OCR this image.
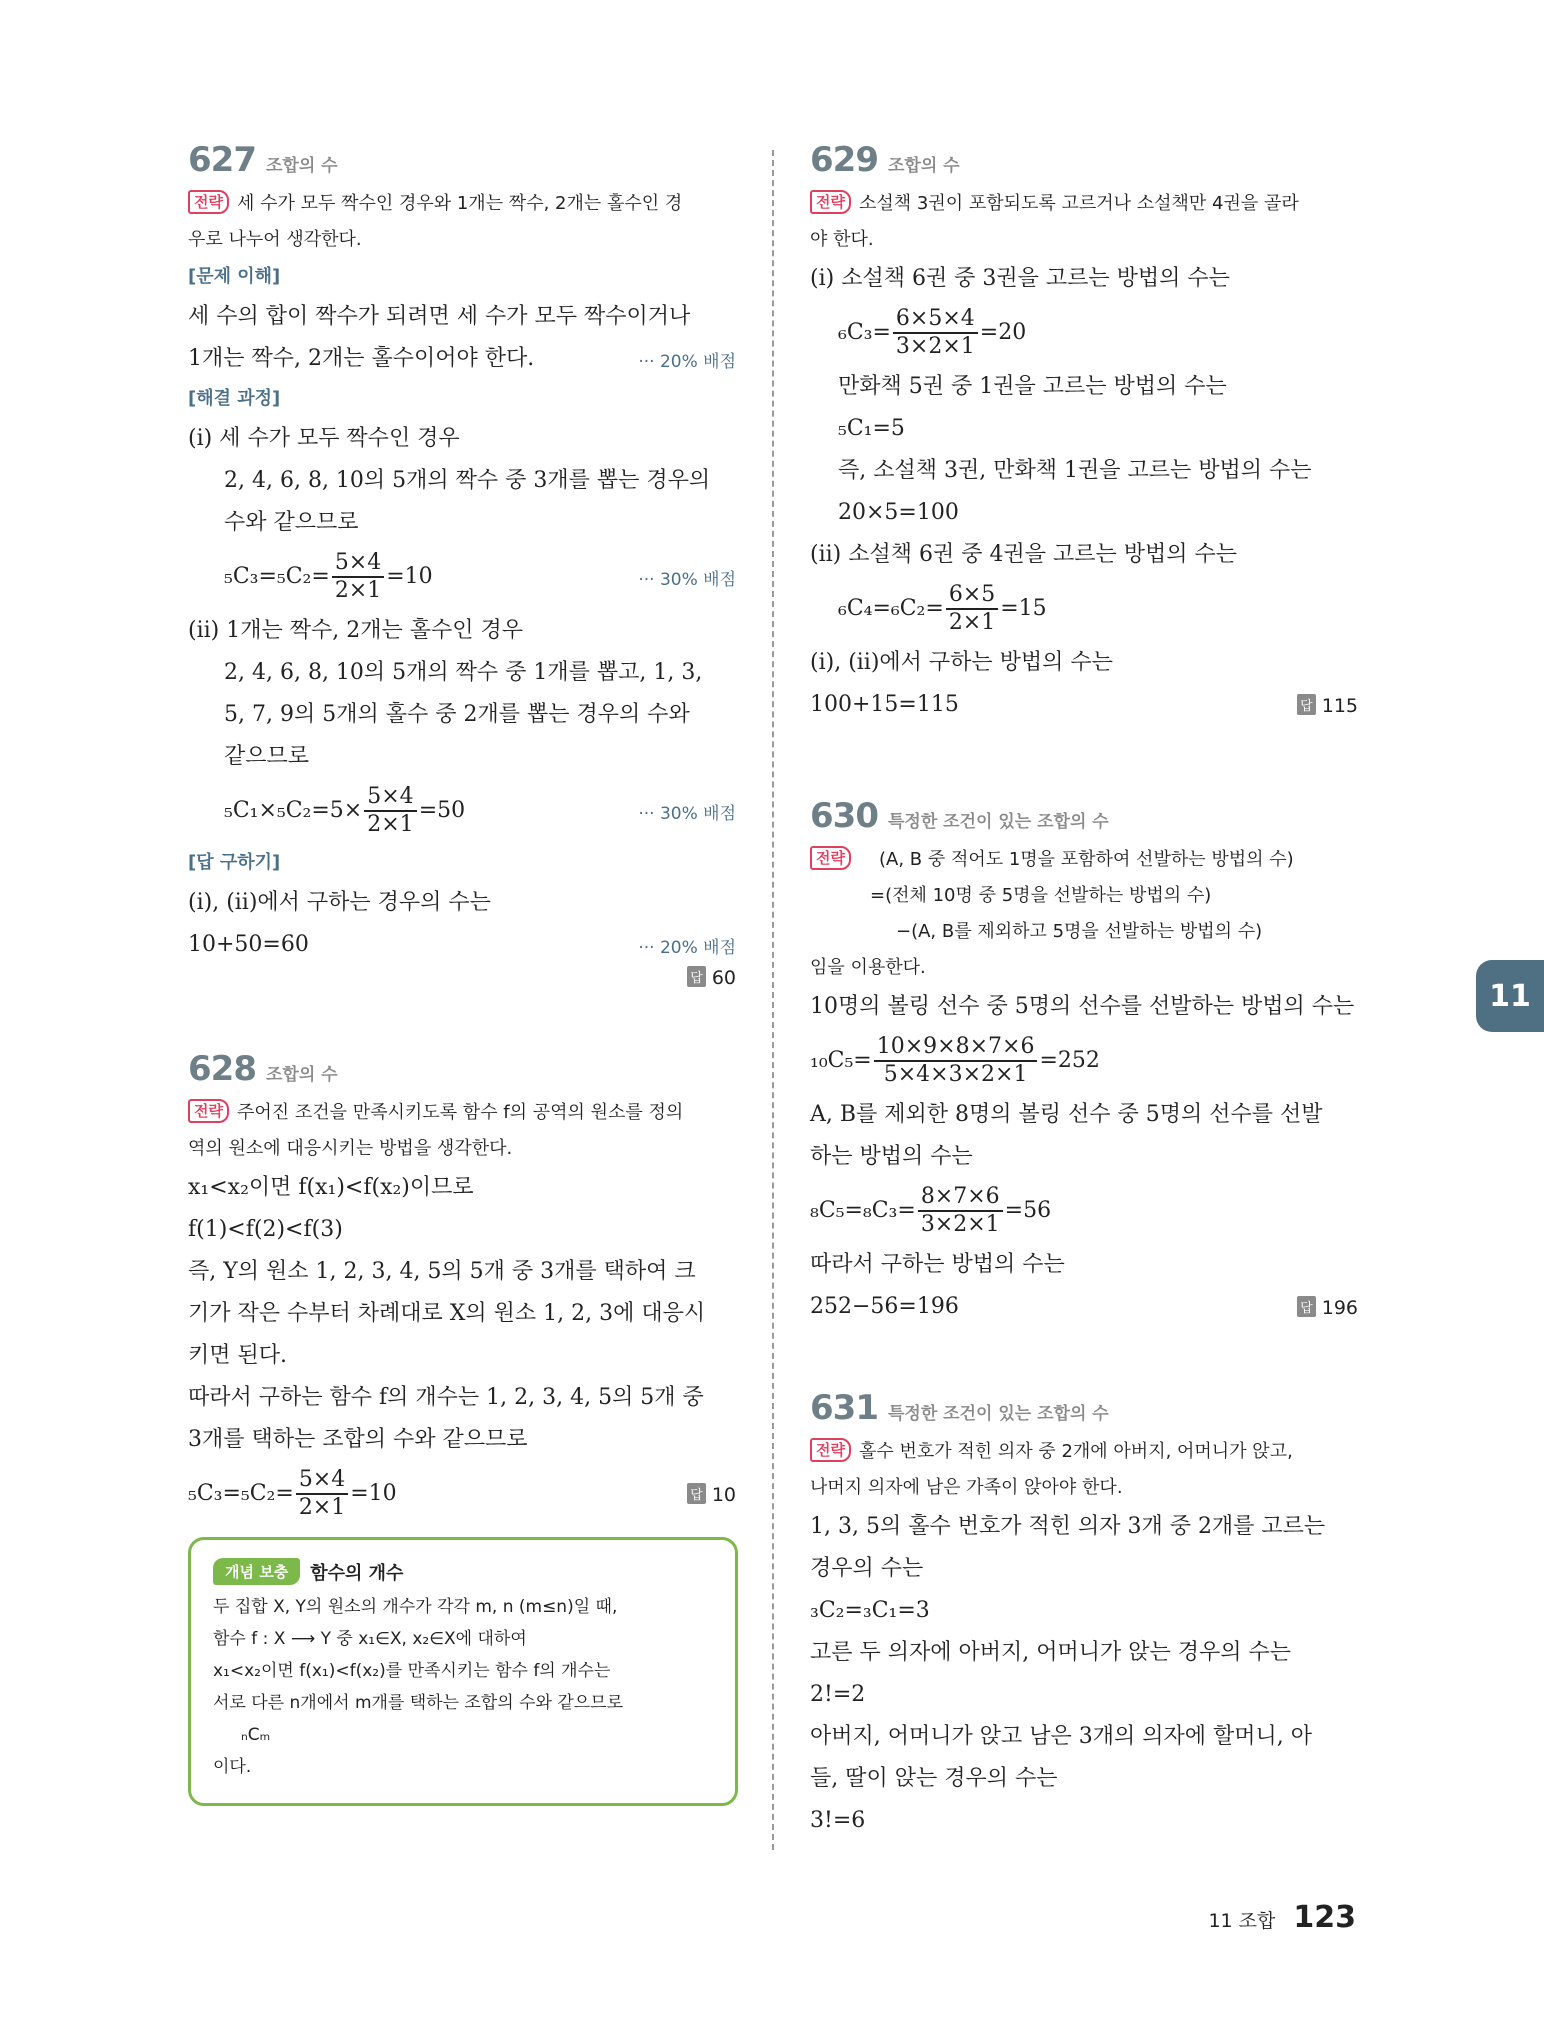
627 조합의 수

전략 세 수가 모두 짝수인 경우와 1개는 짝수, 2개는 홀수인 경

우로 나누어 생각한다.

[문제 이해]

세 수의 합이 짝수가 되려면 세 수가 모두 짝수이거나

1개는 짝수, 2개는 홀수이어야 한다.	··· 20% 배점

[해결 과정]

(ⅰ) 세 수가 모두 짝수인 경우

2, 4, 6, 8, 10의 5개의 짝수 중 3개를 뽑는 경우의

수와 같으므로

$_5C_3=_5C_2= \frac{5\times 4}{2\times 1} =10$	··· 30% 배점

(ⅱ) 1개는 짝수, 2개는 홀수인 경우

2, 4, 6, 8, 10의 5개의 짝수 중 1개를 뽑고, 1, 3,

5, 7, 9의 5개의 홀수 중 2개를 뽑는 경우의 수와

같으므로

$_5C_1\times_5C_2=5\times \frac{5\times 4}{2\times 1} =50$	··· 30% 배점

[답 구하기]

(ⅰ), (ⅱ)에서 구하는 경우의 수는

10+50=60	··· 20% 배점
답 60
628 조합의 수

전략 주어진 조건을 만족시키도록 함수 f의 공역의 원소를 정의

역의 원소에 대응시키는 방법을 생각한다.

x₁<x₂이면 f(x₁)<f(x₂)이므로

f(1)<f(2)<f(3)

즉, Y의 원소 1, 2, 3, 4, 5의 5개 중 3개를 택하여 크

기가 작은 수부터 차례대로 X의 원소 1, 2, 3에 대응시

키면 된다.

따라서 구하는 함수 f의 개수는 1, 2, 3, 4, 5의 5개 중

3개를 택하는 조합의 수와 같으므로

$_5C_3=_5C_2= \frac{5\times 4}{2\times 1} =10$	답 10
개념 보충	함수의 개수

두 집합 X, Y의 원소의 개수가 각각 m, n (m≤n)일 때,

함수 f : X ⟶ Y 중 x₁∈X, x₂∈X에 대하여

x₁<x₂이면 f(x₁)<f(x₂)를 만족시키는 함수 f의 개수는

서로 다른 n개에서 m개를 택하는 조합의 수와 같으므로

ₙCₘ

이다.

629 조합의 수

전략 소설책 3권이 포함되도록 고르거나 소설책만 4권을 골라

야 한다.

(ⅰ) 소설책 6권 중 3권을 고르는 방법의 수는

$_6C_3= \frac{6\times 5\times 4}{3\times 2\times 1} =20$

만화책 5권 중 1권을 고르는 방법의 수는

₅C₁=5

즉, 소설책 3권, 만화책 1권을 고르는 방법의 수는

20×5=100

(ⅱ) 소설책 6권 중 4권을 고르는 방법의 수는

$_6C_4=_6C_2= \frac{6\times 5}{2\times 1} =15$

(ⅰ), (ⅱ)에서 구하는 방법의 수는

100+15=115	답 115
630 특정한 조건이 있는 조합의 수

전략 (A, B 중 적어도 1명을 포함하여 선발하는 방법의 수)

=(전체 10명 중 5명을 선발하는 방법의 수)

−(A, B를 제외하고 5명을 선발하는 방법의 수)

임을 이용한다.

10명의 볼링 선수 중 5명의 선수를 선발하는 방법의 수는

$_{10}C_5= \frac{10\times 9\times 8\times 7\times 6}{5\times 4\times 3\times 2\times 1} =252$

A, B를 제외한 8명의 볼링 선수 중 5명의 선수를 선발

하는 방법의 수는

$_8C_5=_8C_3= \frac{8\times 7\times 6}{3\times 2\times 1} =56$

따라서 구하는 방법의 수는

252−56=196	답 196
631 특정한 조건이 있는 조합의 수

전략 홀수 번호가 적힌 의자 중 2개에 아버지, 어머니가 앉고,

나머지 의자에 남은 가족이 앉아야 한다.

1, 3, 5의 홀수 번호가 적힌 의자 3개 중 2개를 고르는

경우의 수는

₃C₂=₃C₁=3

고른 두 의자에 아버지, 어머니가 앉는 경우의 수는

2!=2

아버지, 어머니가 앉고 남은 3개의 의자에 할머니, 아

들, 딸이 앉는 경우의 수는

3!=6

11
11 조합 123
